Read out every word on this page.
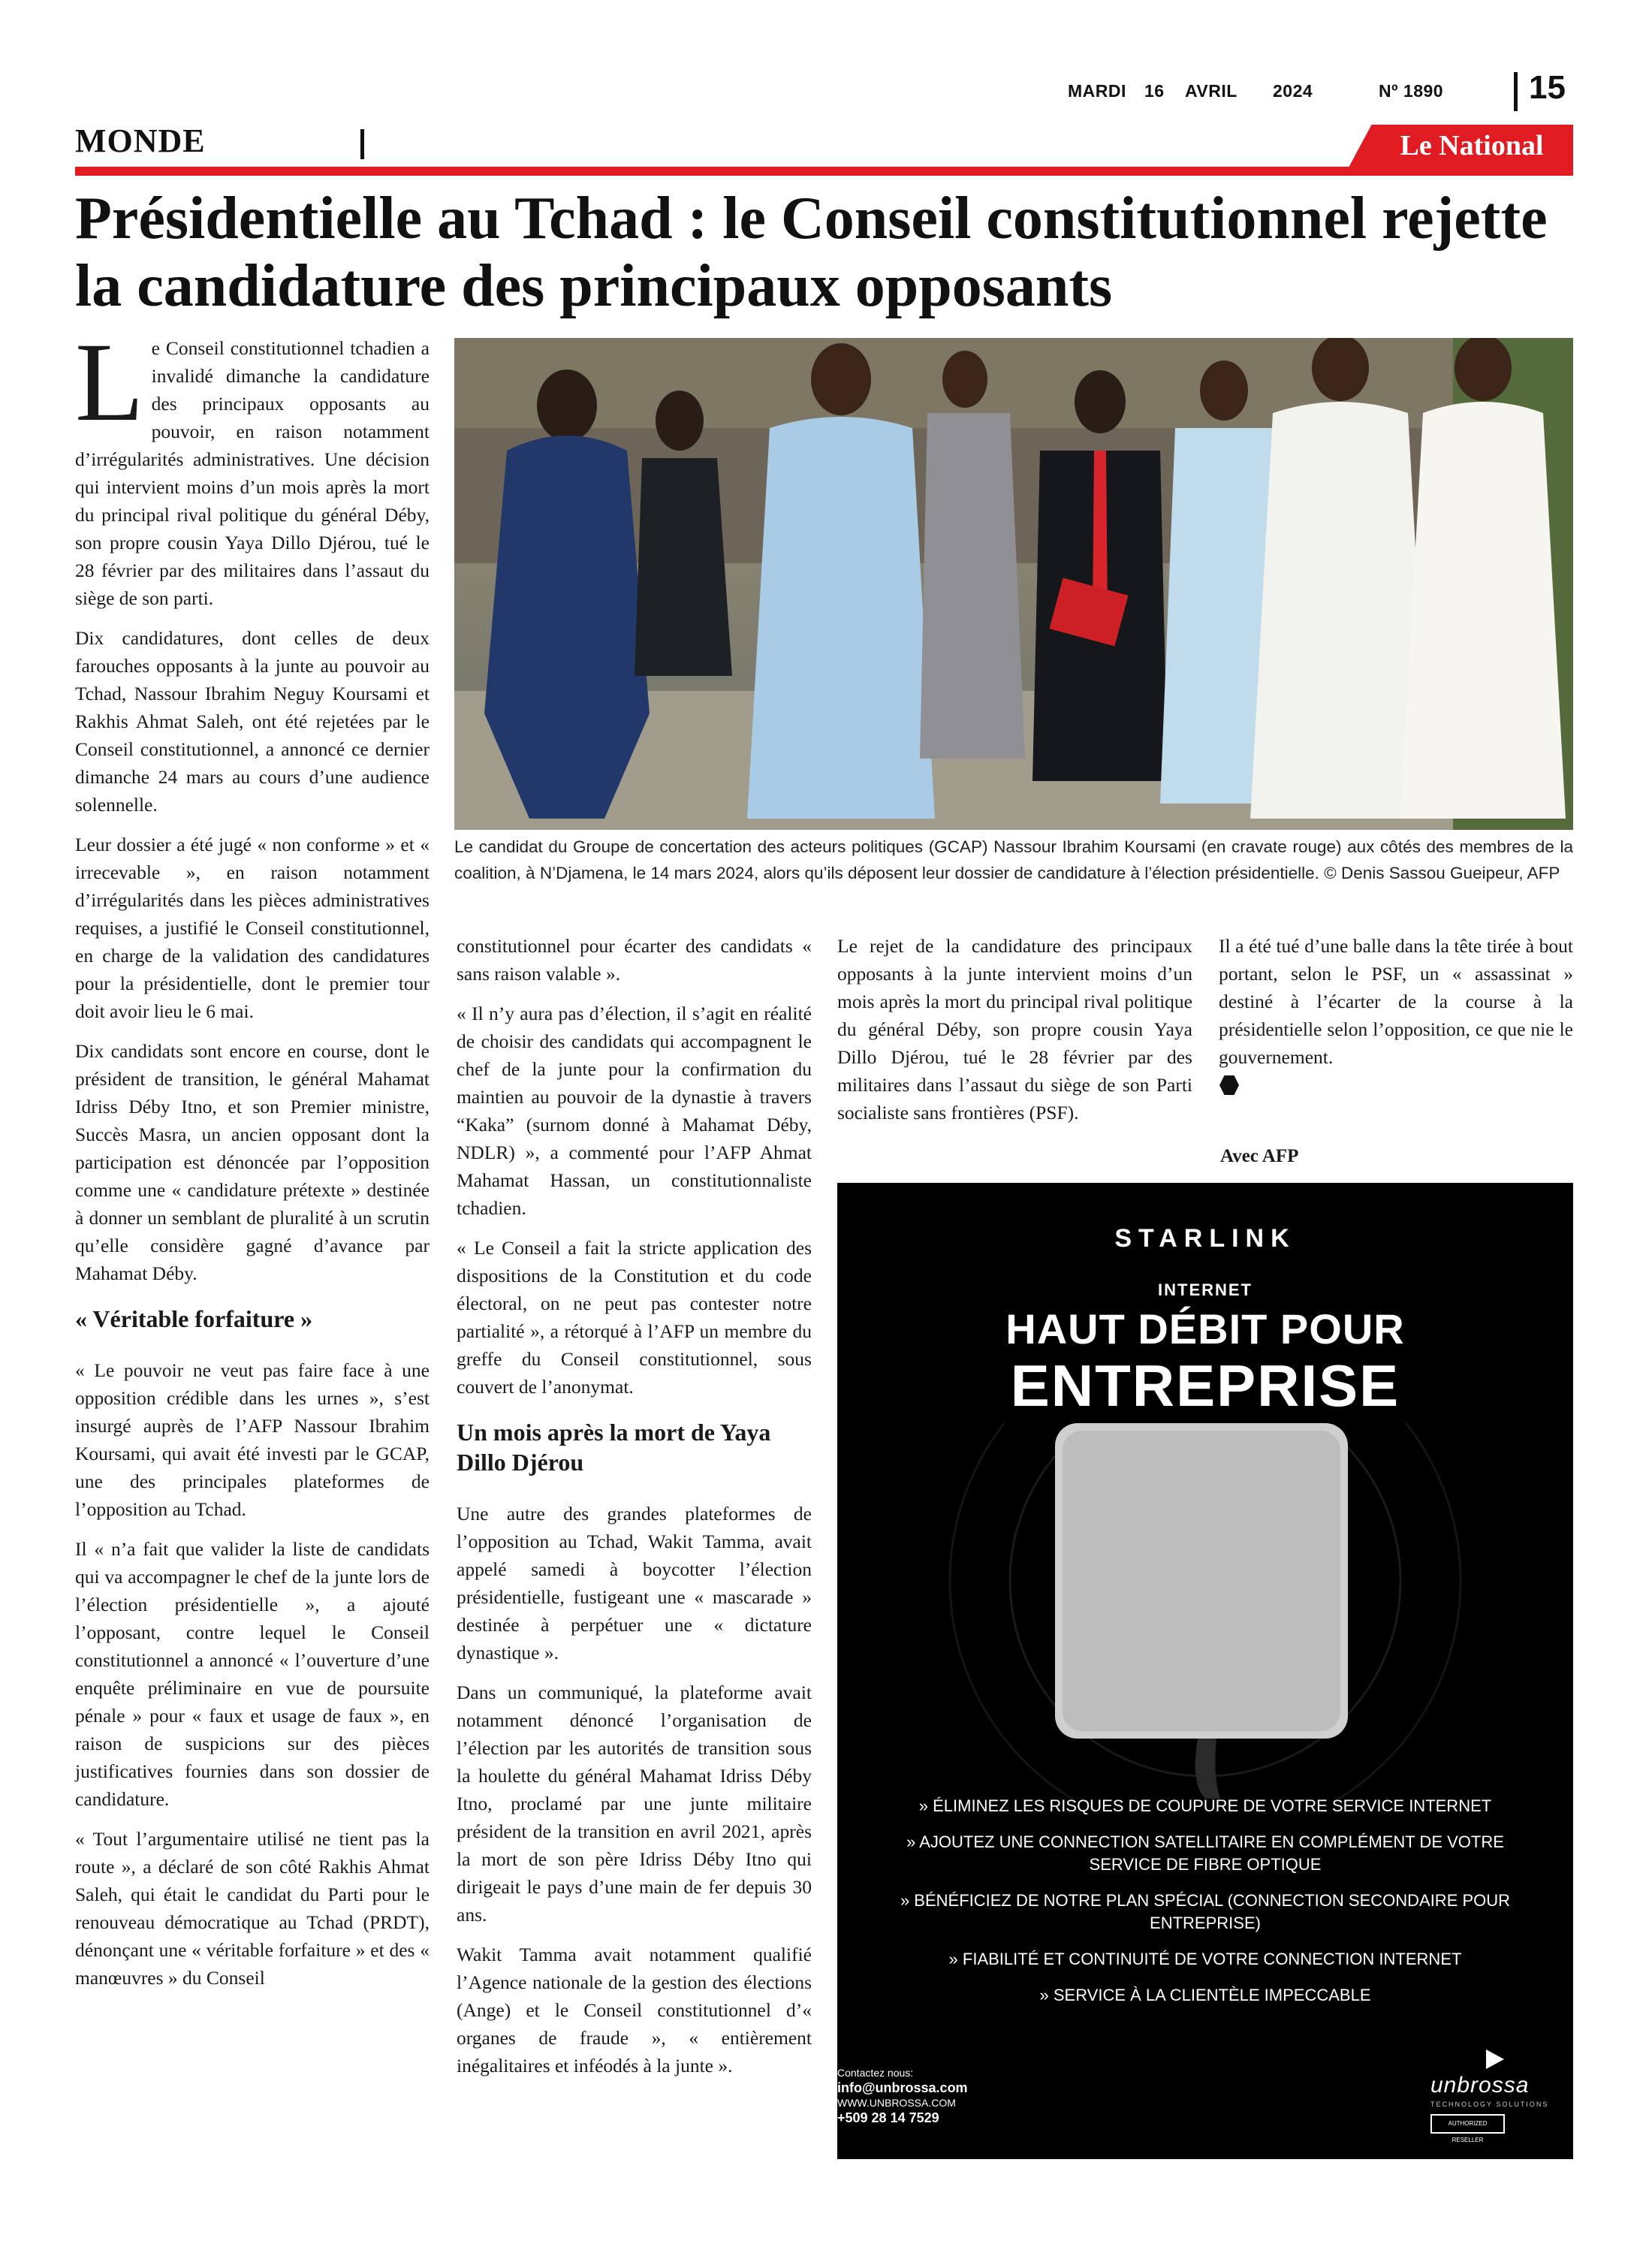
MARDI 16 AVRIL 2024	Nº 1890	15
MONDE	Le National
Présidentielle au Tchad : le Conseil constitutionnel rejette la candidature des principaux opposants

Le Conseil constitutionnel tchadien a invalidé dimanche la candidature des principaux opposants au pouvoir, en raison notamment d’irrégularités administratives. Une décision qui intervient moins d’un mois après la mort du principal rival politique du général Déby, son propre cousin Yaya Dillo Djérou, tué le 28 février par des militaires dans l’assaut du siège de son parti.

Dix candidatures, dont celles de deux farouches opposants à la junte au pouvoir au Tchad, Nassour Ibrahim Neguy Koursami et Rakhis Ahmat Saleh, ont été rejetées par le Conseil constitutionnel, a annoncé ce dernier dimanche 24 mars au cours d’une audience solennelle.

Leur dossier a été jugé « non conforme » et « irrecevable », en raison notamment d’irrégularités dans les pièces administratives requises, a justifié le Conseil constitutionnel, en charge de la validation des candidatures pour la présidentielle, dont le premier tour doit avoir lieu le 6 mai.

Dix candidats sont encore en course, dont le président de transition, le général Mahamat Idriss Déby Itno, et son Premier ministre, Succès Masra, un ancien opposant dont la participation est dénoncée par l’opposition comme une « candidature prétexte » destinée à donner un semblant de pluralité à un scrutin qu’elle considère gagné d’avance par Mahamat Déby.

« Véritable forfaiture »

« Le pouvoir ne veut pas faire face à une opposition crédible dans les urnes », s’est insurgé auprès de l’AFP Nassour Ibrahim Koursami, qui avait été investi par le GCAP, une des principales plateformes de l’opposition au Tchad.

Il « n’a fait que valider la liste de candidats qui va accompagner le chef de la junte lors de l’élection présidentielle », a ajouté l’opposant, contre lequel le Conseil constitutionnel a annoncé « l’ouverture d’une enquête préliminaire en vue de poursuite pénale » pour « faux et usage de faux », en raison de suspicions sur des pièces justificatives fournies dans son dossier de candidature.

« Tout l’argumentaire utilisé ne tient pas la route », a déclaré de son côté Rakhis Ahmat Saleh, qui était le candidat du Parti pour le renouveau démocratique au Tchad (PRDT), dénonçant une « véritable forfaiture » et des « manœuvres » du Conseil

Le candidat du Groupe de concertation des acteurs politiques (GCAP) Nassour Ibrahim Koursami (en cravate rouge) aux côtés des membres de la coalition, à N’Djamena, le 14 mars 2024, alors qu’ils déposent leur dossier de candidature à l’élection présidentielle. © Denis Sassou Gueipeur, AFP

constitutionnel pour écarter des candidats « sans raison valable ».

« Il n’y aura pas d’élection, il s’agit en réalité de choisir des candidats qui accompagnent le chef de la junte pour la confirmation du maintien au pouvoir de la dynastie à travers “Kaka” (surnom donné à Mahamat Déby, NDLR) », a commenté pour l’AFP Ahmat Mahamat Hassan, un constitutionnaliste tchadien.

« Le Conseil a fait la stricte application des dispositions de la Constitution et du code électoral, on ne peut pas contester notre partialité », a rétorqué à l’AFP un membre du greffe du Conseil constitutionnel, sous couvert de l’anonymat.

Un mois après la mort de Yaya Dillo Djérou

Une autre des grandes plateformes de l’opposition au Tchad, Wakit Tamma, avait appelé samedi à boycotter l’élection présidentielle, fustigeant une « mascarade » destinée à perpétuer une « dictature dynastique ».

Dans un communiqué, la plateforme avait notamment dénoncé l’organisation de l’élection par les autorités de transition sous la houlette du général Mahamat Idriss Déby Itno, proclamé par une junte militaire président de la transition en avril 2021, après la mort de son père Idriss Déby Itno qui dirigeait le pays d’une main de fer depuis 30 ans.

Wakit Tamma avait notamment qualifié l’Agence nationale de la gestion des élections (Ange) et le Conseil constitutionnel d’« organes de fraude », « entièrement inégalitaires et inféodés à la junte ».

Le rejet de la candidature des principaux opposants à la junte intervient moins d’un mois après la mort du principal rival politique du général Déby, son propre cousin Yaya Dillo Djérou, tué le 28 février par des militaires dans l’assaut du siège de son Parti socialiste sans frontières (PSF).

Il a été tué d’une balle dans la tête tirée à bout portant, selon le PSF, un « assassinat » destiné à l’écarter de la course à la présidentielle selon l’opposition, ce que nie le gouvernement.

Avec AFP
STARLINK
INTERNET
HAUT DÉBIT POUR
ENTREPRISE
» ÉLIMINEZ LES RISQUES DE COUPURE DE VOTRE SERVICE INTERNET
» AJOUTEZ UNE CONNECTION SATELLITAIRE EN COMPLÉMENT DE VOTRE SERVICE DE FIBRE OPTIQUE
» BÉNÉFICIEZ DE NOTRE PLAN SPÉCIAL (CONNECTION SECONDAIRE POUR ENTREPRISE)
» FIABILITÉ ET CONTINUITÉ DE VOTRE CONNECTION INTERNET
» SERVICE À LA CLIENTÈLE IMPECCABLE
Contactez nous:
info@unbrossa.com
WWW.UNBROSSA.COM
+509 28 14 7529
unbrossa
TECHNOLOGY SOLUTIONS
AUTHORIZED RESELLER
